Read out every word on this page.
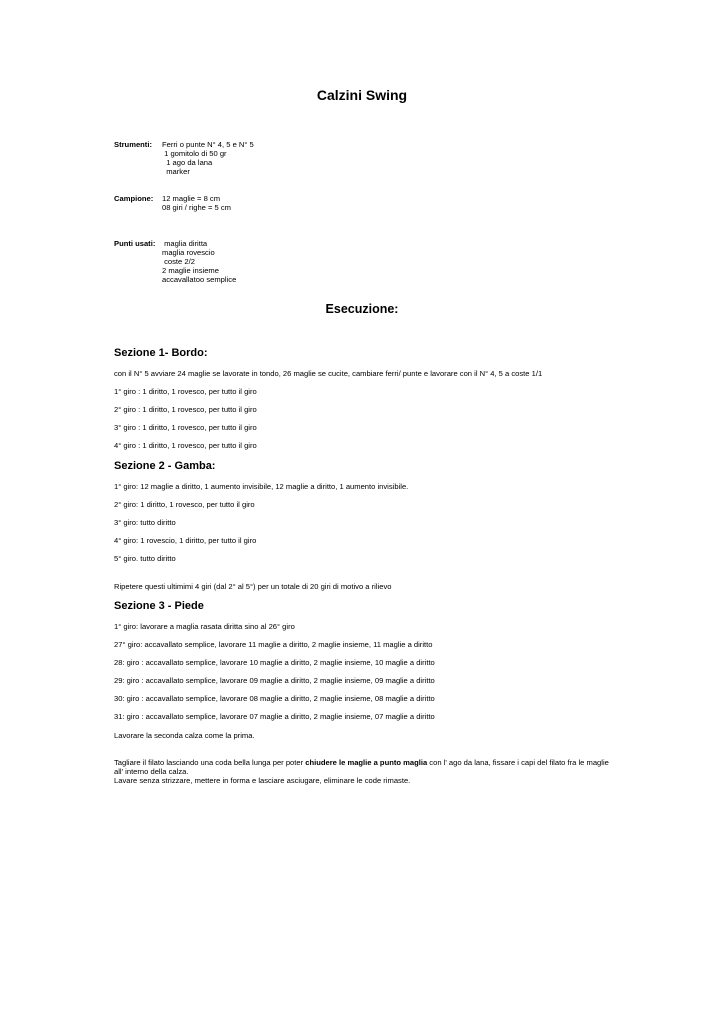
Calzini Swing
Strumenti: Ferri o punte N° 4, 5 e N° 5
1 gomitolo di 50 gr
1 ago da lana
marker
Campione: 12 maglie = 8 cm
08 giri / righe = 5 cm
Punti usati: maglia diritta
maglia rovescio
coste 2/2
2 maglie insieme
accavallatoo semplice
Esecuzione:
Sezione 1- Bordo:
con il N° 5 avviare 24 maglie se lavorate in tondo, 26 maglie se cucite, cambiare ferri/ punte e lavorare con il N° 4, 5 a coste 1/1
1° giro : 1 diritto, 1 rovesco, per tutto il giro
2° giro : 1 diritto, 1 rovesco, per tutto il giro
3° giro : 1 diritto, 1 rovesco, per tutto il giro
4° giro : 1 diritto, 1 rovesco, per tutto il giro
Sezione 2 - Gamba:
1° giro: 12 maglie a diritto, 1 aumento invisibile, 12 maglie a diritto, 1 aumento invisibile.
2° giro: 1 diritto, 1 rovesco, per tutto il giro
3° giro: tutto diritto
4° giro: 1 rovescio, 1 diritto, per tutto il giro
5° giro. tutto diritto
Ripetere questi ultimimi 4 giri (dal 2° al 5°) per un totale di 20 giri di motivo a rilievo
Sezione 3 - Piede
1° giro: lavorare a maglia rasata diritta sino al 26° giro
27° giro: accavallato semplice, lavorare 11 maglie a diritto, 2 maglie insieme, 11 maglie a diritto
28: giro : accavallato semplice, lavorare 10 maglie a diritto, 2 maglie insieme, 10 maglie a diritto
29: giro : accavallato semplice, lavorare 09 maglie a diritto, 2 maglie insieme, 09 maglie a diritto
30: giro : accavallato semplice, lavorare 08 maglie a diritto, 2 maglie insieme, 08 maglie a diritto
31: giro : accavallato semplice, lavorare 07 maglie a diritto, 2 maglie insieme, 07 maglie a diritto
Lavorare la seconda calza come la prima.
Tagliare il filato lasciando una coda bella lunga per poter chiudere le maglie a punto maglia con l' ago da lana, fissare i capi del filato fra le maglie all' interno della calza.
Lavare senza strizzare, mettere in forma e lasciare asciugare, eliminare le code rimaste.
